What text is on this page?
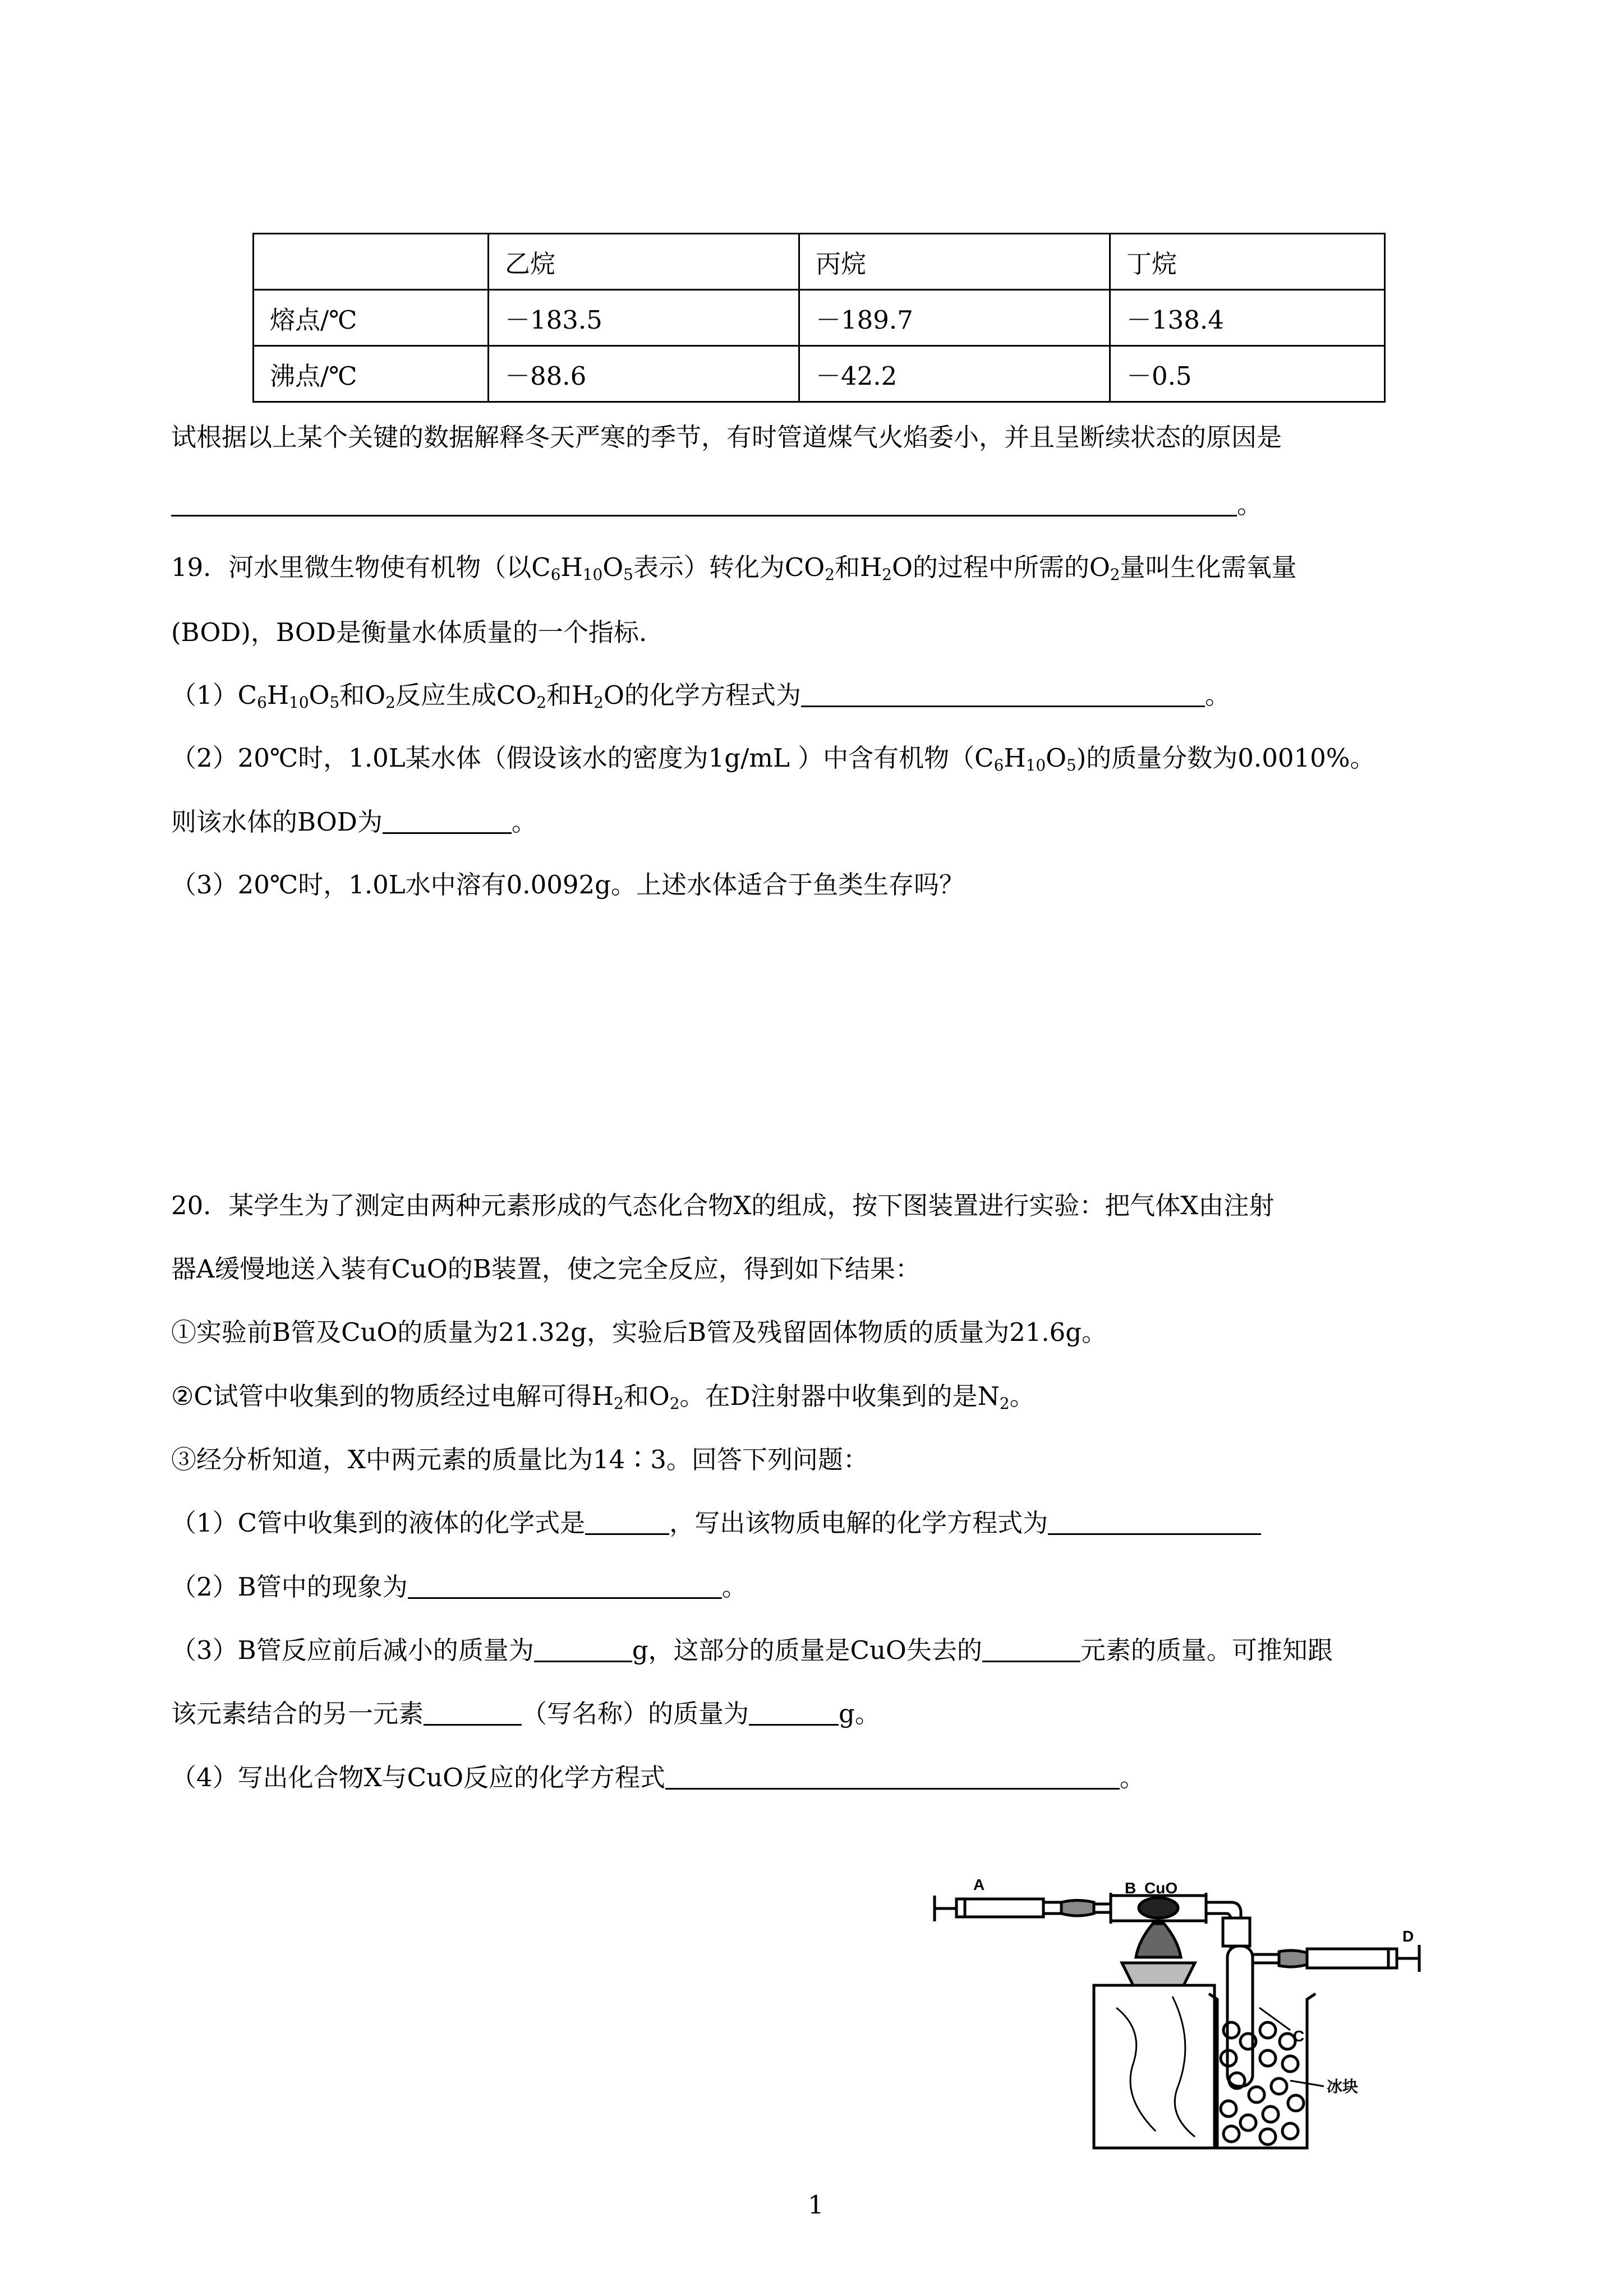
	乙烷	丙烷	丁烷
熔点/℃	－183.5	－189.7	－138.4
沸点/℃	－88.6	－42.2	－0.5
试根据以上某个关键的数据解释冬天严寒的季节，有时管道煤气火焰委小，并且呈断续状态的原因是
。
19．河水里微生物使有机物（以$C_6H_{10}O_5$表示）转化为$CO_2$和$H_2O$的过程中所需的$O_2$量叫生化需氧量
(BOD)，BOD是衡量水体质量的一个指标.
$(1)C_6H_{10}O_5$和$O_2$反应生成$CO_2$和$H_2O$的化学方程式为	。
（2）20℃时，1.0L某水体（假设该水的密度为1g/mL ）中含有机物$(C_6H_{10}O_5)$的质量分数为0.0010%。
则该水体的BOD为	。
（3）20℃时，1.0L水中溶有0.0092g。上述水体适合于鱼类生存吗？
20．某学生为了测定由两种元素形成的气态化合物X的组成，按下图装置进行实验：把气体X由注射
器A缓慢地送入装有CuO的B装置，使之完全反应，得到如下结果：
①实验前B管及CuO的质量为21.32g，实验后B管及残留固体物质的质量为21.6g。
②C试管中收集到的物质经过电解可得$H_2$和$O_2$。在D注射器中收集到的是$N_2$。
③经分析知道，X中两元素的质量比为14∶3。回答下列问题：
（1）C管中收集到的液体的化学式是	，写出该物质电解的化学方程式为
（2）B管中的现象为	。
（3）B管反应前后减小的质量为	g，这部分的质量是CuO失去的	元素的质量。可推知跟
该元素结合的另一元素	（写名称）的质量为	g。
（4）写出化合物X与CuO反应的化学方程式	。
A	B CuO
C
D
冰块
1
